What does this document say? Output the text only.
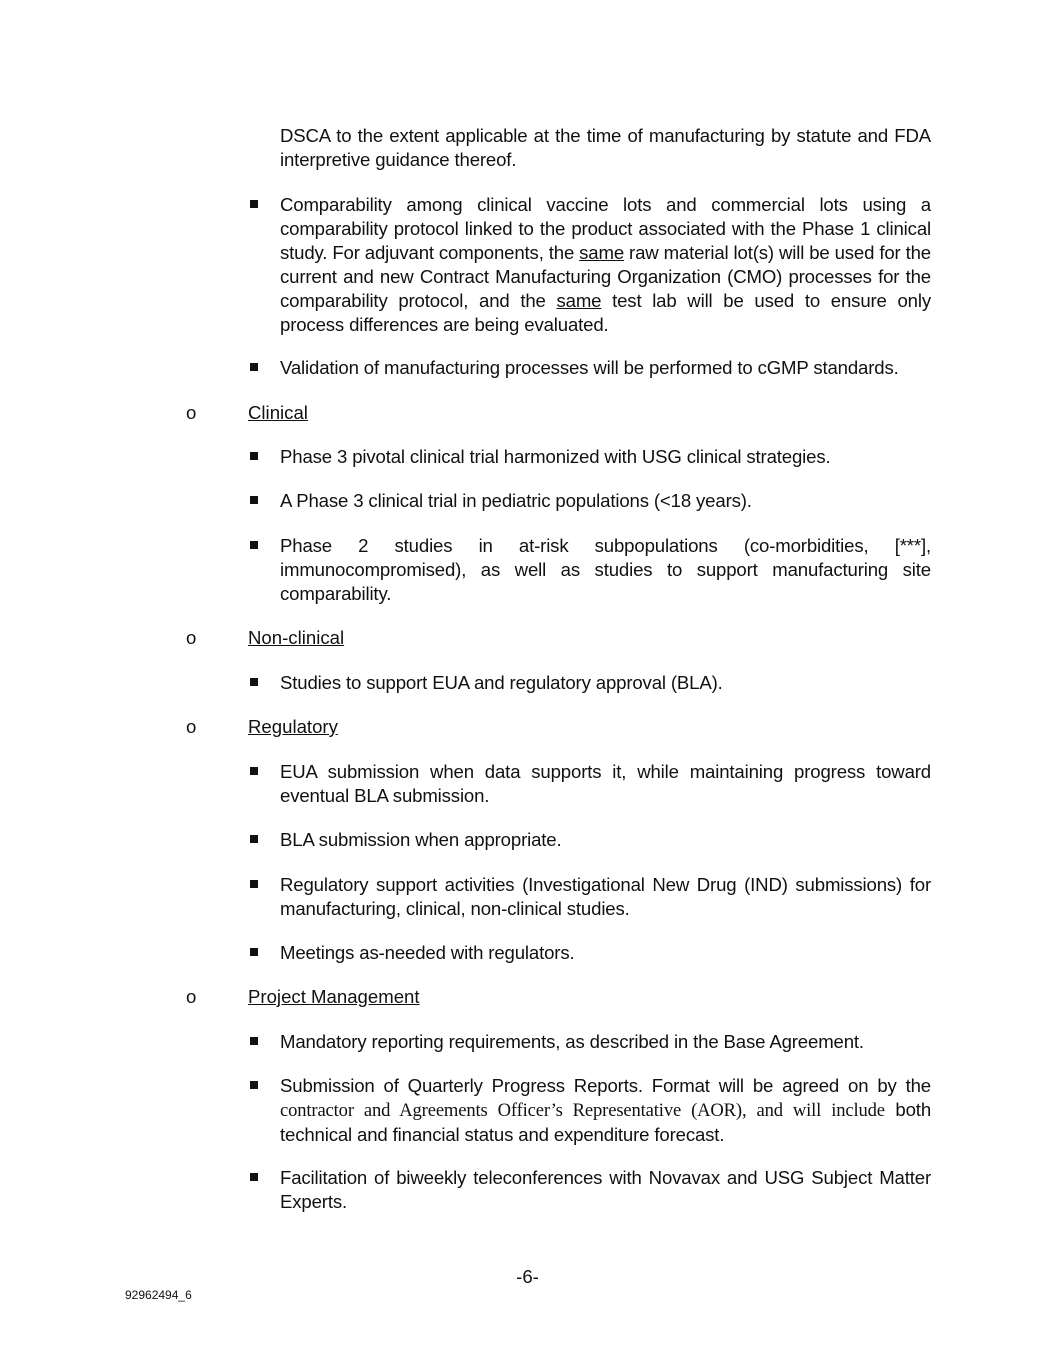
DSCA to the extent applicable at the time of manufacturing by statute and FDA interpretive guidance thereof.
Comparability among clinical vaccine lots and commercial lots using a comparability protocol linked to the product associated with the Phase 1 clinical study. For adjuvant components, the same raw material lot(s) will be used for the current and new Contract Manufacturing Organization (CMO) processes for the comparability protocol, and the same test lab will be used to ensure only process differences are being evaluated.
Validation of manufacturing processes will be performed to cGMP standards.
o	Clinical
Phase 3 pivotal clinical trial harmonized with USG clinical strategies.
A Phase 3 clinical trial in pediatric populations (<18 years).
Phase 2 studies in at-risk subpopulations (co-morbidities, [***], immunocompromised), as well as studies to support manufacturing site comparability.
o	Non-clinical
Studies to support EUA and regulatory approval (BLA).
o	Regulatory
EUA submission when data supports it, while maintaining progress toward eventual BLA submission.
BLA submission when appropriate.
Regulatory support activities (Investigational New Drug (IND) submissions) for manufacturing, clinical, non-clinical studies.
Meetings as-needed with regulators.
o	Project Management
Mandatory reporting requirements, as described in the Base Agreement.
Submission of Quarterly Progress Reports. Format will be agreed on by the contractor and Agreements Officer’s Representative (AOR), and will include both technical and financial status and expenditure forecast.
Facilitation of biweekly teleconferences with Novavax and USG Subject Matter Experts.
-6-
92962494_6
